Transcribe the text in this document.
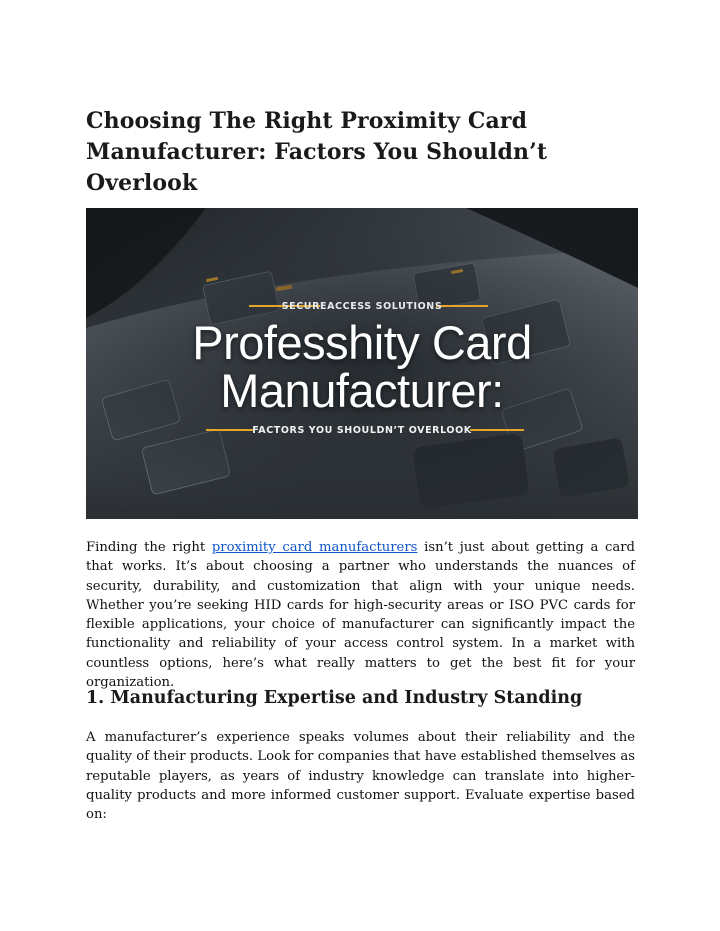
Choosing The Right Proximity Card Manufacturer: Factors You Shouldn’t Overlook
SECUREACCESS SOLUTIONS
Professhity Card
Manufacturer:
FACTORS YOU SHOULDN’T OVERLOOK

Finding the right proximity card manufacturers isn’t just about getting a card that works. It’s about choosing a partner who understands the nuances of security, durability, and customization that align with your unique needs. Whether you’re seeking HID cards for high-security areas or ISO PVC cards for flexible applications, your choice of manufacturer can significantly impact the functionality and reliability of your access control system. In a market with countless options, here’s what really matters to get the best fit for your organization.

1. Manufacturing Expertise and Industry Standing

A manufacturer’s experience speaks volumes about their reliability and the quality of their products. Look for companies that have established themselves as reputable players, as years of industry knowledge can translate into higher-quality products and more informed customer support. Evaluate expertise based on:
